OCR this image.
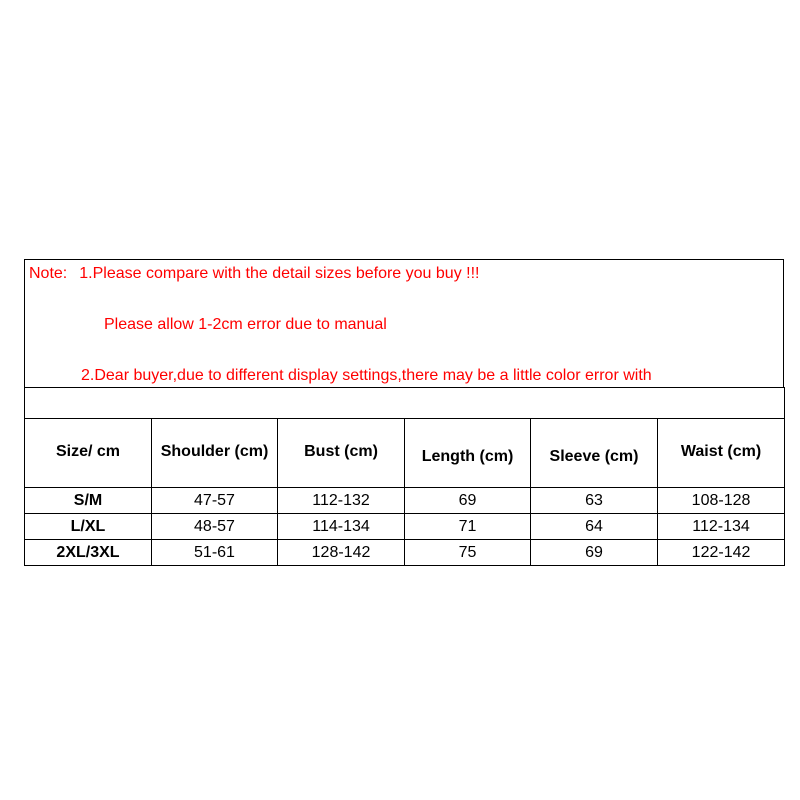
Note: 1.Please compare with the detail sizes before you buy !!!
Please allow 1-2cm error due to manual
2.Dear buyer,due to different display settings,there may be a little color error with

Size/ cm	Shoulder (cm)	Bust (cm)	Length (cm)	Sleeve (cm)	Waist (cm)
S/M	47-57	112-132	69	63	108-128
L/XL	48-57	114-134	71	64	112-134
2XL/3XL	51-61	128-142	75	69	122-142
